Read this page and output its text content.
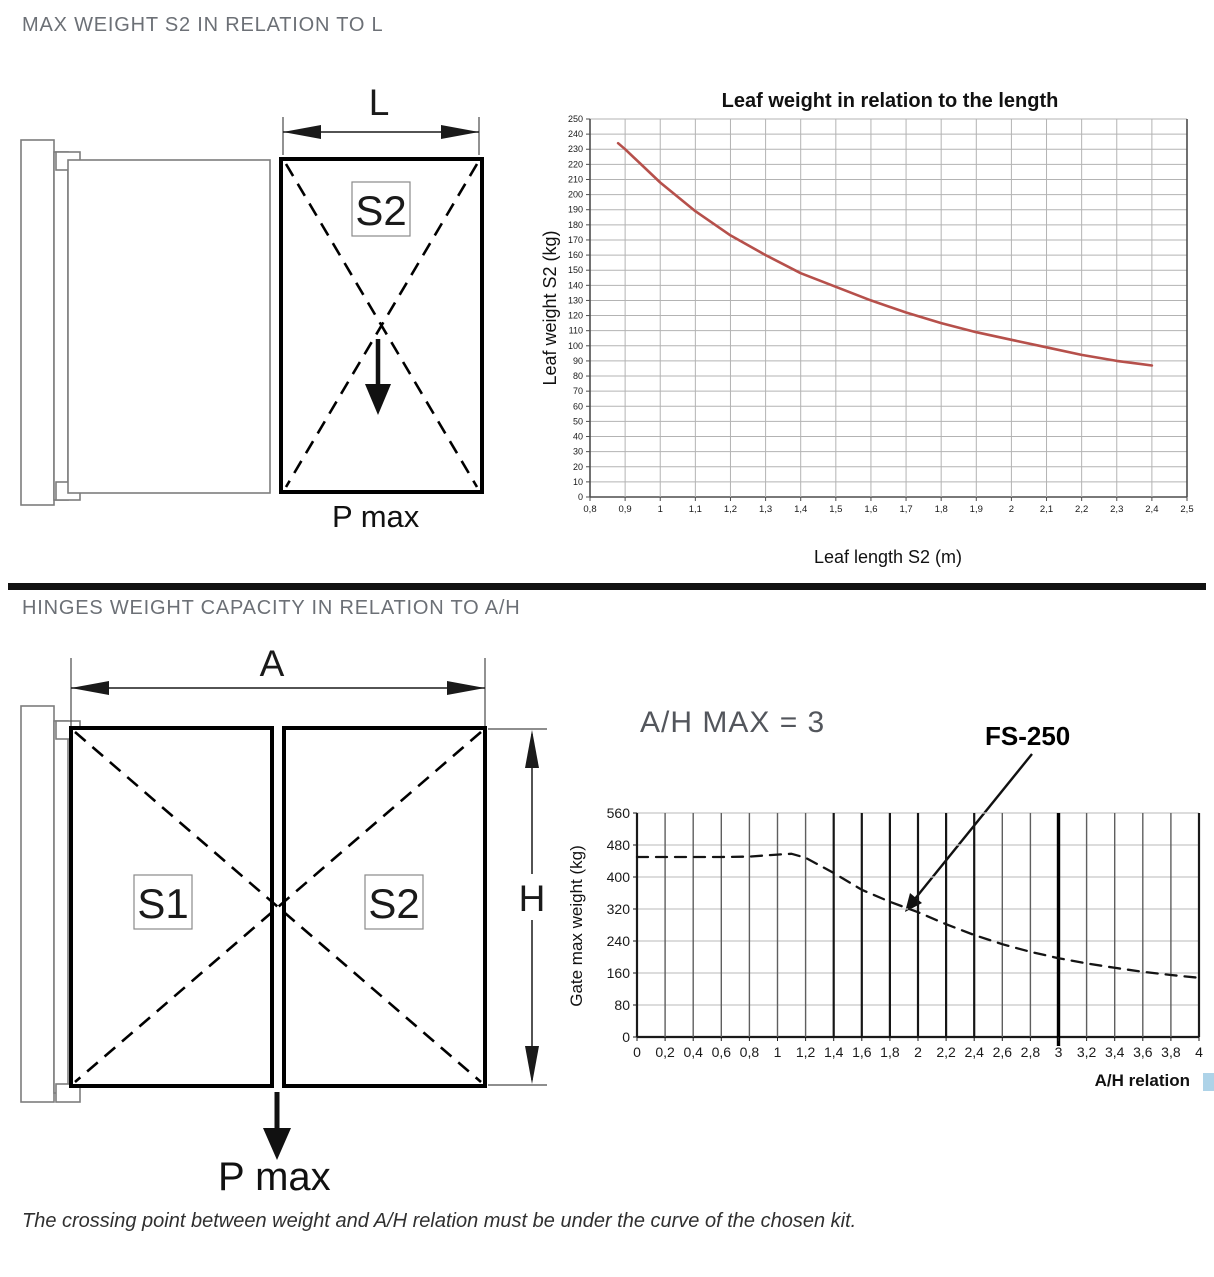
MAX WEIGHT S2 IN RELATION TO L
S2
P max
L	Leaf weight in relation to the length
Leaf weight S2 (kg)
Leaf length S2 (m)
0
10
20
30
40
50
60
70
80
90
100
110
120
130
140
150
160
170
180
190
200
210
220
230
240
250
0,8 0,9	1	1,1 1,2 1,3 1,4 1,5 1,6 1,7 1,8 1,9	2	2,1 2,2 2,3 2,4 2,5
HINGES WEIGHT CAPACITY IN RELATION TO A/H
S1	S2
A
H
P max
A/H MAX = 3	FS-250
Gate max weight (kg)
A/H relation
0
80
160
240
320
400
480
560
0 0,2 0,4 0,6 0,8 1 1,2 1,4 1,6 1,8 2 2,2 2,4 2,6 2,8 3 3,2 3,4 3,6 3,8 4
The crossing point between weight and A/H relation must be under the curve of the chosen kit.
